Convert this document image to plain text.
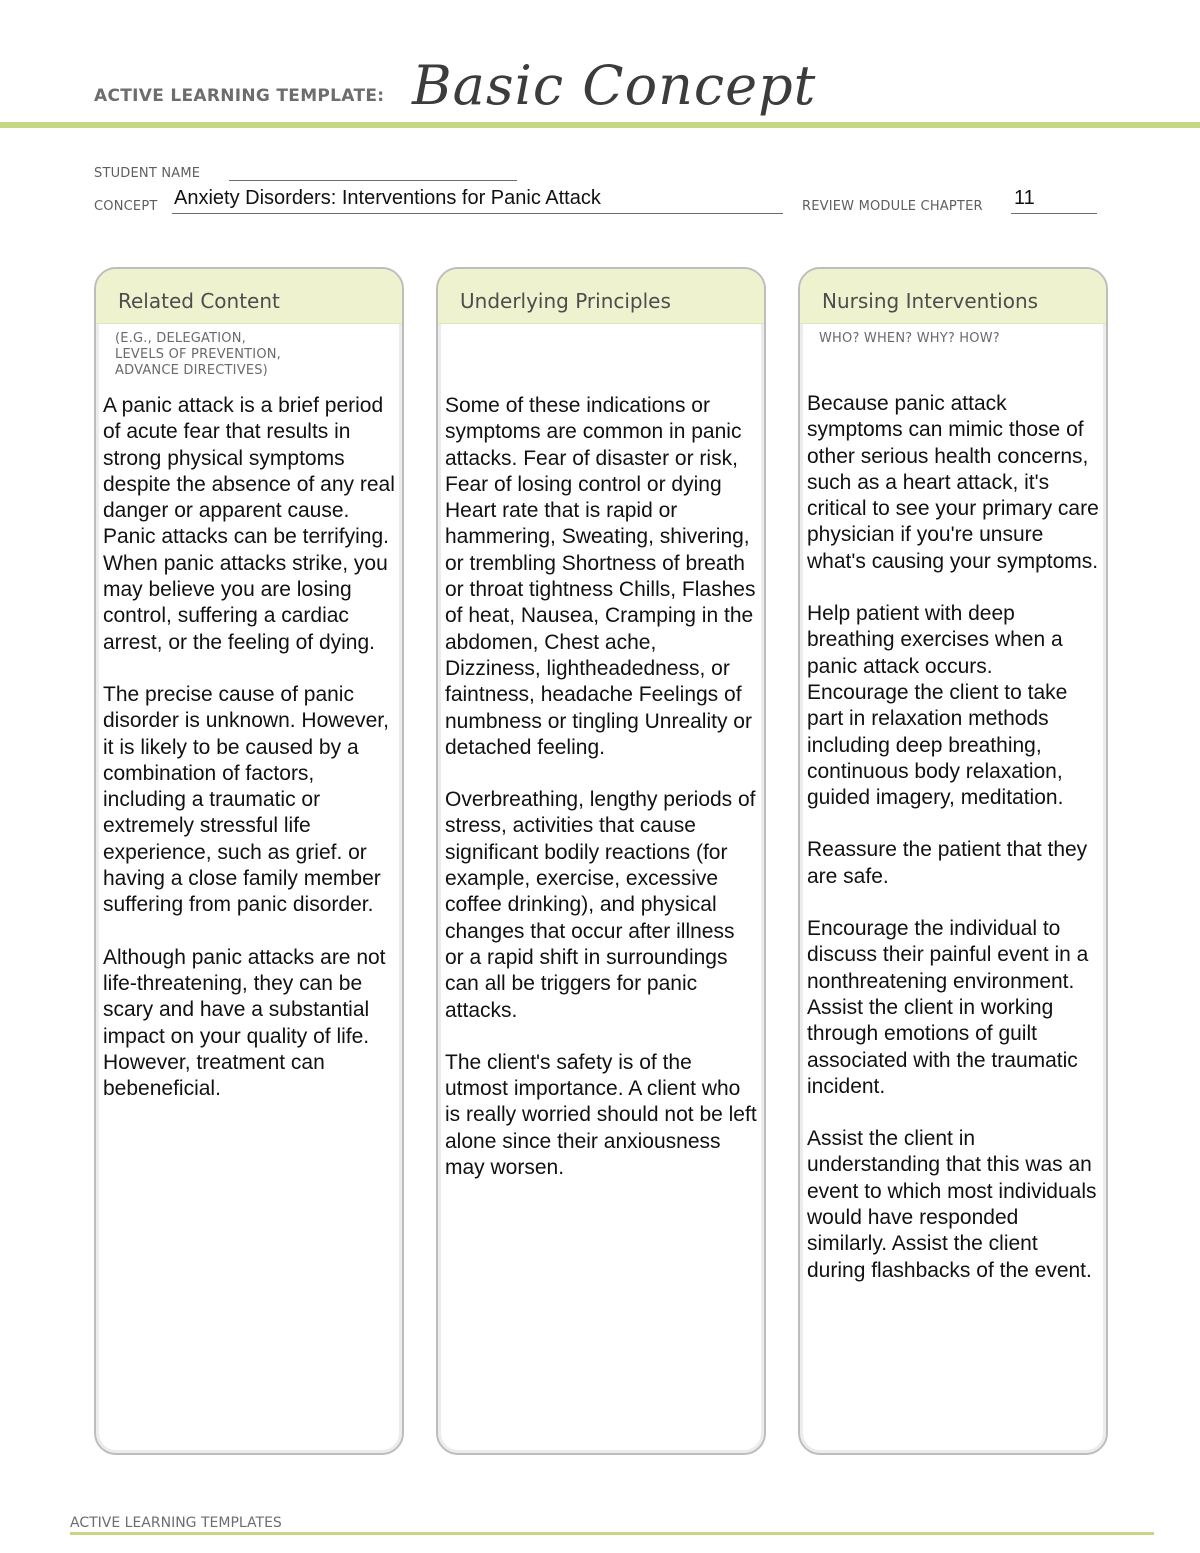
ACTIVE LEARNING TEMPLATE: Basic Concept
STUDENT NAME
CONCEPT Anxiety Disorders: Interventions for Panic Attack	REVIEW MODULE CHAPTER 11
Related Content
(E.G., DELEGATION,
LEVELS OF PREVENTION,
ADVANCE DIRECTIVES)

A panic attack is a brief period of acute fear that results in strong physical symptoms despite the absence of any real danger or apparent cause. Panic attacks can be terrifying. When panic attacks strike, you may believe you are losing control, suffering a cardiac arrest, or the feeling of dying.

The precise cause of panic disorder is unknown. However, it is likely to be caused by a combination of factors, including a traumatic or extremely stressful life experience, such as grief. or having a close family member suffering from panic disorder.

Although panic attacks are not life-threatening, they can be scary and have a substantial impact on your quality of life. However, treatment can bebeneficial.

Underlying Principles

Some of these indications or symptoms are common in panic attacks. Fear of disaster or risk, Fear of losing control or dying Heart rate that is rapid or hammering, Sweating, shivering, or trembling Shortness of breath or throat tightness Chills, Flashes of heat, Nausea, Cramping in the abdomen, Chest ache, Dizziness, lightheadedness, or faintness, headache Feelings of numbness or tingling Unreality or detached feeling.

Overbreathing, lengthy periods of stress, activities that cause significant bodily reactions (for example, exercise, excessive coffee drinking), and physical changes that occur after illness or a rapid shift in surroundings can all be triggers for panic attacks.

The client's safety is of the utmost importance. A client who is really worried should not be left alone since their anxiousness may worsen.

Nursing Interventions
WHO? WHEN? WHY? HOW?

Because panic attack symptoms can mimic those of other serious health concerns, such as a heart attack, it's critical to see your primary care physician if you're unsure what's causing your symptoms.

Help patient with deep breathing exercises when a panic attack occurs. Encourage the client to take part in relaxation methods including deep breathing, continuous body relaxation, guided imagery, meditation.

Reassure the patient that they are safe.

Encourage the individual to discuss their painful event in a nonthreatening environment. Assist the client in working through emotions of guilt associated with the traumatic incident.

Assist the client in understanding that this was an event to which most individuals would have responded similarly. Assist the client during flashbacks of the event.

ACTIVE LEARNING TEMPLATES
